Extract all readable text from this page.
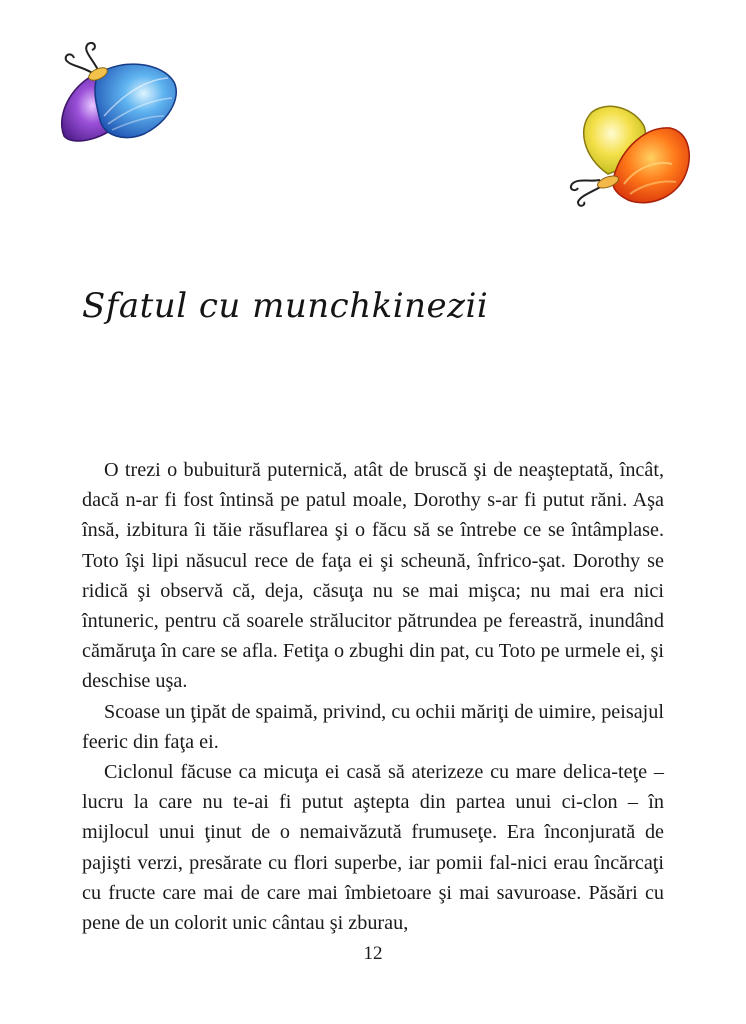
Sfatul cu munchkinezii

O trezi o bubuitură puternică, atât de bruscă şi de neaşteptată, încât, dacă n-ar fi fost întinsă pe patul moale, Dorothy s-ar fi putut răni. Aşa însă, izbitura îi tăie răsuflarea şi o făcu să se întrebe ce se întâmplase. Toto îşi lipi năsucul rece de faţa ei şi scheună, înfrico-şat. Dorothy se ridică şi observă că, deja, căsuţa nu se mai mişca; nu mai era nici întuneric, pentru că soarele strălucitor pătrundea pe fereastră, inundând cămăruţa în care se afla. Fetiţa o zbughi din pat, cu Toto pe urmele ei, şi deschise uşa.

Scoase un ţipăt de spaimă, privind, cu ochii măriţi de uimire, peisajul feeric din faţa ei.

Ciclonul făcuse ca micuţa ei casă să aterizeze cu mare delica-teţe – lucru la care nu te-ai fi putut aştepta din partea unui ci-clon – în mijlocul unui ţinut de o nemaivăzută frumuseţe. Era înconjurată de pajişti verzi, presărate cu flori superbe, iar pomii fal-nici erau încărcaţi cu fructe care mai de care mai îmbietoare şi mai savuroase. Păsări cu pene de un colorit unic cântau şi zburau,

12
